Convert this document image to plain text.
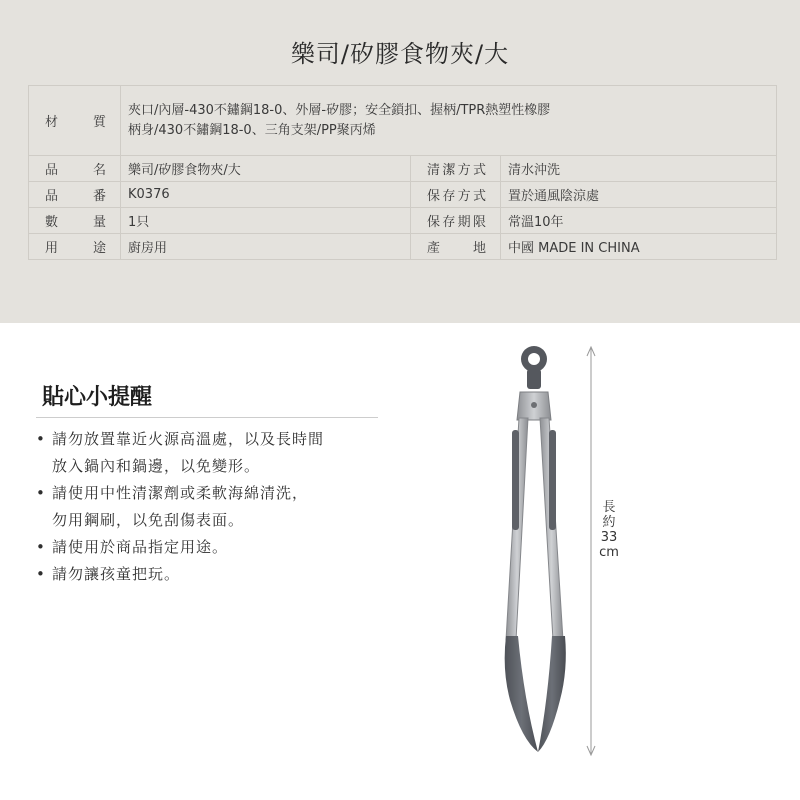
樂司/矽膠食物夾/大
材 質	夾口/內層-430不鏽鋼18-0、外層-矽膠；安全鎖扣、握柄/TPR熱塑性橡膠
柄身/430不鏽鋼18-0、三角支架/PP聚丙烯		

品 名	樂司/矽膠食物夾/大	清潔方式	清水沖洗
品 番	K0376	保存方式	置於通風陰涼處
數 量	1只	保存期限	常溫10年
用 途	廚房用	產 地	中國 MADE IN CHINA
貼心小提醒
• 請勿放置靠近火源高溫處，以及長時間
放入鍋內和鍋邊，以免變形。
• 請使用中性清潔劑或柔軟海綿清洗，
勿用鋼刷，以免刮傷表面。
• 請使用於商品指定用途。
• 請勿讓孩童把玩。
長
約
33
cm
